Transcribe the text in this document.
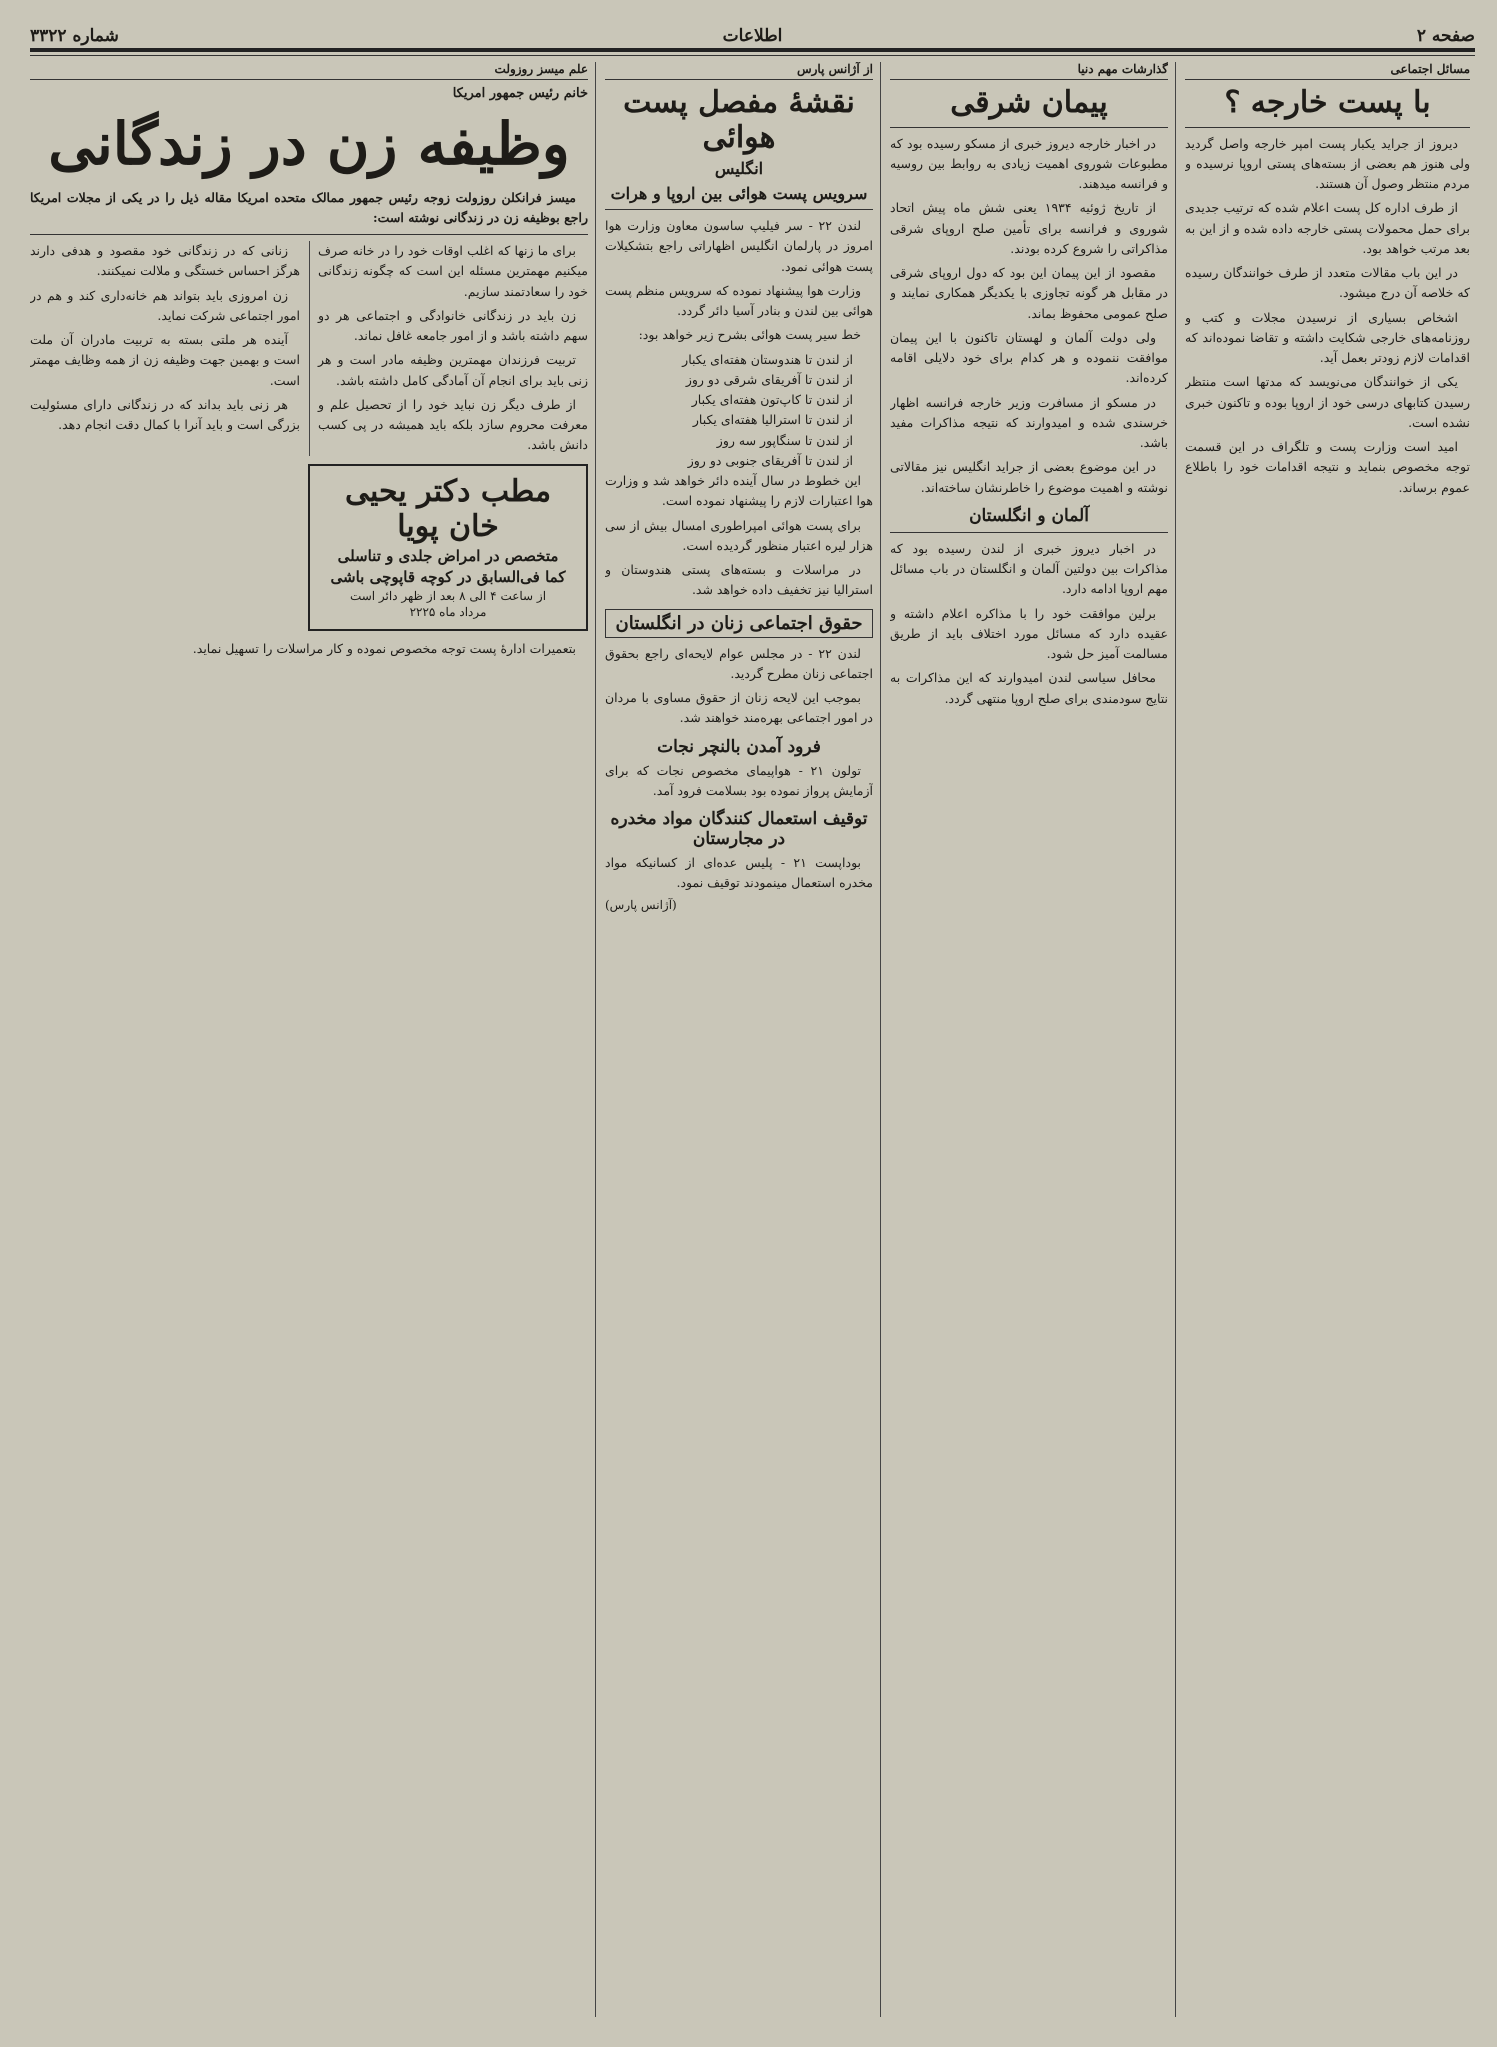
صفحه ۲
اطلاعات
شماره ۳۳۲۲
مسائل اجتماعی
با پست خارجه ؟

دیروز از جراید یکبار پست امپر خارجه واصل گردید ولی هنوز هم بعضی از بسته‌های پستی اروپا نرسیده و مردم منتظر وصول آن هستند.

از طرف اداره کل پست اعلام شده که ترتیب جدیدی برای حمل محمولات پستی خارجه داده شده و از این به بعد مرتب خواهد بود.

در این باب مقالات متعدد از طرف خوانندگان رسیده که خلاصه آن درج میشود.

اشخاص بسیاری از نرسیدن مجلات و کتب و روزنامه‌های خارجی شکایت داشته و تقاضا نموده‌اند که اقدامات لازم زودتر بعمل آید.

یکی از خوانندگان می‌نویسد که مدتها است منتظر رسیدن کتابهای درسی خود از اروپا بوده و تاکنون خبری نشده است.

امید است وزارت پست و تلگراف در این قسمت توجه مخصوص بنماید و نتیجه اقدامات خود را باطلاع عموم برساند.

گذارشات مهم دنیا
پیمان شرقی

در اخبار خارجه دیروز خبری از مسکو رسیده بود که مطبوعات شوروی اهمیت زیادی به روابط بین روسیه و فرانسه میدهند.

از تاریخ ژوئیه ۱۹۳۴ یعنی شش ماه پیش اتحاد شوروی و فرانسه برای تأمین صلح اروپای شرقی مذاکراتی را شروع کرده بودند.

مقصود از این پیمان این بود که دول اروپای شرقی در مقابل هر گونه تجاوزی با یکدیگر همکاری نمایند و صلح عمومی محفوظ بماند.

ولی دولت آلمان و لهستان تاکنون با این پیمان موافقت ننموده و هر کدام برای خود دلایلی اقامه کرده‌اند.

در مسکو از مسافرت وزیر خارجه فرانسه اظهار خرسندی شده و امیدوارند که نتیجه مذاکرات مفید باشد.

در این موضوع بعضی از جراید انگلیس نیز مقالاتی نوشته و اهمیت موضوع را خاطرنشان ساخته‌اند.

آلمان و انگلستان

در اخبار دیروز خبری از لندن رسیده بود که مذاکرات بین دولتین آلمان و انگلستان در باب مسائل مهم اروپا ادامه دارد.

برلین موافقت خود را با مذاکره اعلام داشته و عقیده دارد که مسائل مورد اختلاف باید از طریق مسالمت آمیز حل شود.

محافل سیاسی لندن امیدوارند که این مذاکرات به نتایج سودمندی برای صلح اروپا منتهی گردد.

از آژانس پارس
نقشهٔ مفصل پست هوائی
انگلیس
سرویس پست هوائی بین اروپا و هرات

لندن ۲۲ - سر فیلیپ ساسون معاون وزارت هوا امروز در پارلمان انگلیس اظهاراتی راجع بتشکیلات پست هوائی نمود.

وزارت هوا پیشنهاد نموده که سرویس منظم پست هوائی بین لندن و بنادر آسیا دائر گردد.

خط سیر پست هوائی بشرح زیر خواهد بود:

از لندن تا هندوستان هفته‌ای یکبار
از لندن تا آفریقای شرقی دو روز
از لندن تا کاپ‌تون هفته‌ای یکبار
از لندن تا استرالیا هفته‌ای یکبار
از لندن تا سنگاپور سه روز
از لندن تا آفریقای جنوبی دو روز

این خطوط در سال آینده دائر خواهد شد و وزارت هوا اعتبارات لازم را پیشنهاد نموده است.

برای پست هوائی امپراطوری امسال بیش از سی هزار لیره اعتبار منظور گردیده است.

در مراسلات و بسته‌های پستی هندوستان و استرالیا نیز تخفیف داده خواهد شد.

حقوق اجتماعی زنان در انگلستان

لندن ۲۲ - در مجلس عوام لایحه‌ای راجع بحقوق اجتماعی زنان مطرح گردید.

بموجب این لایحه زنان از حقوق مساوی با مردان در امور اجتماعی بهره‌مند خواهند شد.

فرود آمدن بالنچر نجات

تولون ۲۱ - هواپیمای مخصوص نجات که برای آزمایش پرواز نموده بود بسلامت فرود آمد.

توقیف استعمال کنندگان مواد مخدره در مجارستان

بوداپست ۲۱ - پلیس عده‌ای از کسانیکه مواد مخدره استعمال مینمودند توقیف نمود.

(آژانس پارس)
علم ميسز روزولت
خانم رئیس جمهور امریکا
وظیفه زن در زندگانی
میسز فرانکلن روزولت زوجه رئیس جمهور ممالک متحده امریکا مقاله ذیل را در یکی از مجلات امریکا راجع بوظیفه زن در زندگانی نوشته است:

برای ما زنها که اغلب اوقات خود را در خانه صرف میکنیم مهمترین مسئله این است که چگونه زندگانی خود را سعادتمند سازیم.

زن باید در زندگانی خانوادگی و اجتماعی هر دو سهم داشته باشد و از امور جامعه غافل نماند.

تربیت فرزندان مهمترین وظیفه مادر است و هر زنی باید برای انجام آن آمادگی کامل داشته باشد.

از طرف دیگر زن نباید خود را از تحصیل علم و معرفت محروم سازد بلکه باید همیشه در پی کسب دانش باشد.

زنانی که در زندگانی خود مقصود و هدفی دارند هرگز احساس خستگی و ملالت نمیکنند.

زن امروزی باید بتواند هم خانه‌داری کند و هم در امور اجتماعی شرکت نماید.

آینده هر ملتی بسته به تربیت مادران آن ملت است و بهمین جهت وظیفه زن از همه وظایف مهمتر است.

هر زنی باید بداند که در زندگانی دارای مسئولیت بزرگی است و باید آنرا با کمال دقت انجام دهد.

مطب دکتر یحیی خان پویا
متخصص در امراض جلدی و تناسلی
کما فی‌السابق در کوچه قاپوچی باشی
از ساعت ۴ الی ۸ بعد از ظهر دائر است
مرداد ماه ۲۲۲۵
بتعمیرات ادارهٔ پست توجه مخصوص نموده و کار مراسلات را تسهیل نماید.
